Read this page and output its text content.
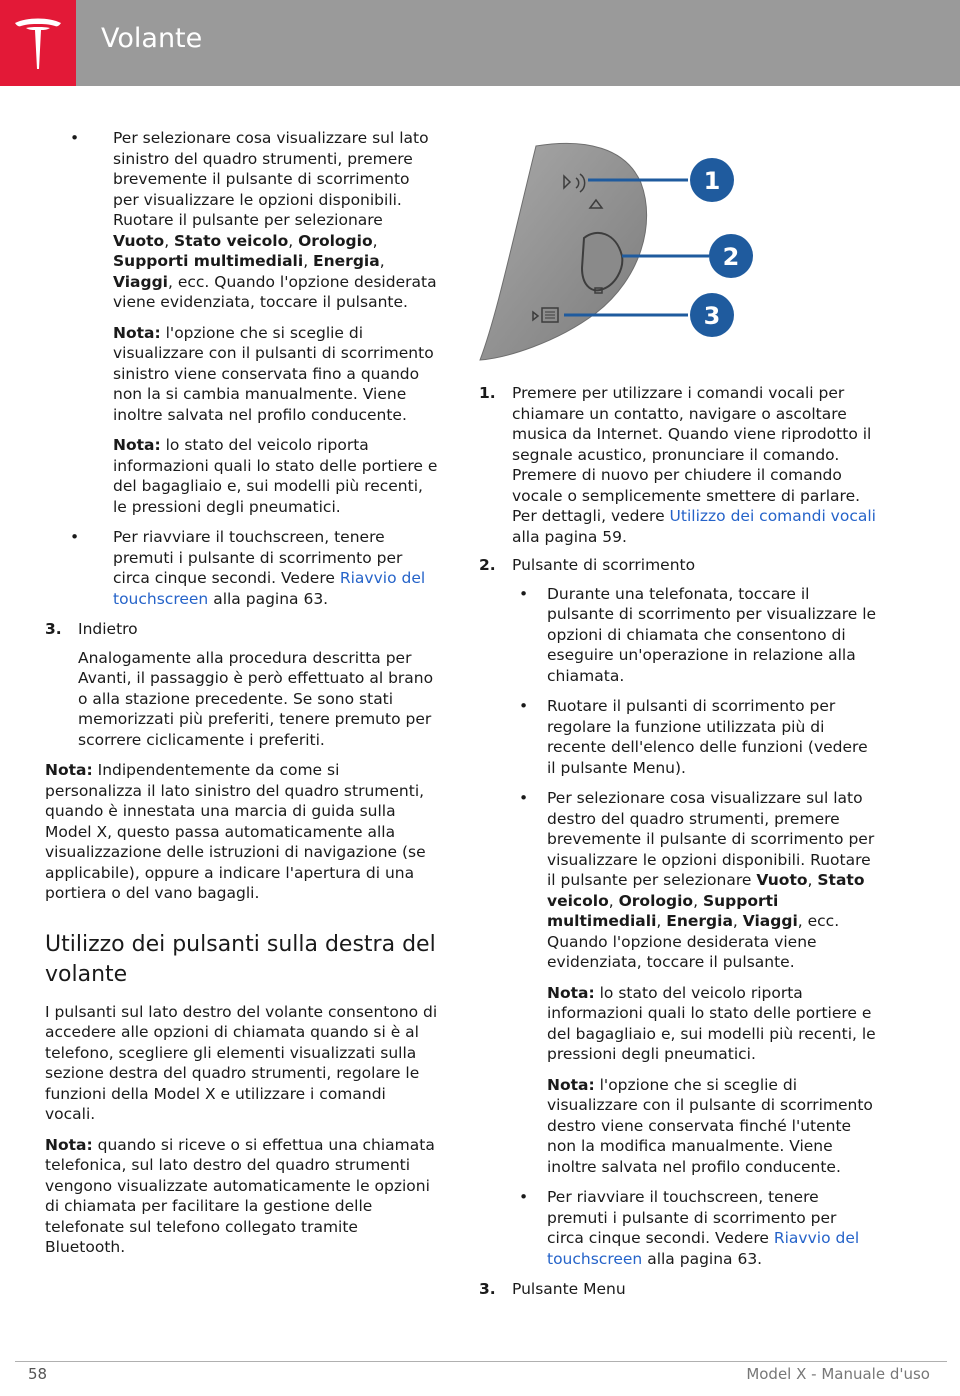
Volante
• Per selezionare cosa visualizzare sul lato sinistro del quadro strumenti, premere brevemente il pulsante di scorrimento per visualizzare le opzioni disponibili. Ruotare il pulsante per selezionare Vuoto, Stato veicolo, Orologio, Supporti multimediali, Energia, Viaggi, ecc. Quando l'opzione desiderata viene evidenziata, toccare il pulsante.

Nota: l'opzione che si sceglie di visualizzare con il pulsanti di scorrimento sinistro viene conservata fino a quando non la si cambia manualmente. Viene inoltre salvata nel profilo conducente.

Nota: lo stato del veicolo riporta informazioni quali lo stato delle portiere e del bagagliaio e, sui modelli più recenti, le pressioni degli pneumatici.

• Per riavviare il touchscreen, tenere premuti i pulsante di scorrimento per circa cinque secondi. Vedere Riavvio del touchscreen alla pagina 63.

3. Indietro

Analogamente alla procedura descritta per Avanti, il passaggio è però effettuato al brano o alla stazione precedente. Se sono stati memorizzati più preferiti, tenere premuto per scorrere ciclicamente i preferiti.

Nota: Indipendentemente da come si personalizza il lato sinistro del quadro strumenti, quando è innestata una marcia di guida sulla Model X, questo passa automaticamente alla visualizzazione delle istruzioni di navigazione (se applicabile), oppure a indicare l'apertura di una portiera o del vano bagagli.

Utilizzo dei pulsanti sulla destra del volante

I pulsanti sul lato destro del volante consentono di accedere alle opzioni di chiamata quando si è al telefono, scegliere gli elementi visualizzati sulla sezione destra del quadro strumenti, regolare le funzioni della Model X e utilizzare i comandi vocali.

Nota: quando si riceve o si effettua una chiamata telefonica, sul lato destro del quadro strumenti vengono visualizzate automaticamente le opzioni di chiamata per facilitare la gestione delle telefonate sul telefono collegato tramite Bluetooth.

1
2
3
1. Premere per utilizzare i comandi vocali per chiamare un contatto, navigare o ascoltare musica da Internet. Quando viene riprodotto il segnale acustico, pronunciare il comando. Premere di nuovo per chiudere il comando vocale o semplicemente smettere di parlare. Per dettagli, vedere Utilizzo dei comandi vocali alla pagina 59.

2. Pulsante di scorrimento

• Durante una telefonata, toccare il pulsante di scorrimento per visualizzare le opzioni di chiamata che consentono di eseguire un'operazione in relazione alla chiamata.

• Ruotare il pulsanti di scorrimento per regolare la funzione utilizzata più di recente dell'elenco delle funzioni (vedere il pulsante Menu).

• Per selezionare cosa visualizzare sul lato destro del quadro strumenti, premere brevemente il pulsante di scorrimento per visualizzare le opzioni disponibili. Ruotare il pulsante per selezionare Vuoto, Stato veicolo, Orologio, Supporti multimediali, Energia, Viaggi, ecc. Quando l'opzione desiderata viene evidenziata, toccare il pulsante.

Nota: lo stato del veicolo riporta informazioni quali lo stato delle portiere e del bagagliaio e, sui modelli più recenti, le pressioni degli pneumatici.

Nota: l'opzione che si sceglie di visualizzare con il pulsante di scorrimento destro viene conservata finché l'utente non la modifica manualmente. Viene inoltre salvata nel profilo conducente.

• Per riavviare il touchscreen, tenere premuti i pulsante di scorrimento per circa cinque secondi. Vedere Riavvio del touchscreen alla pagina 63.

3. Pulsante Menu

58	Model X - Manuale d'uso
